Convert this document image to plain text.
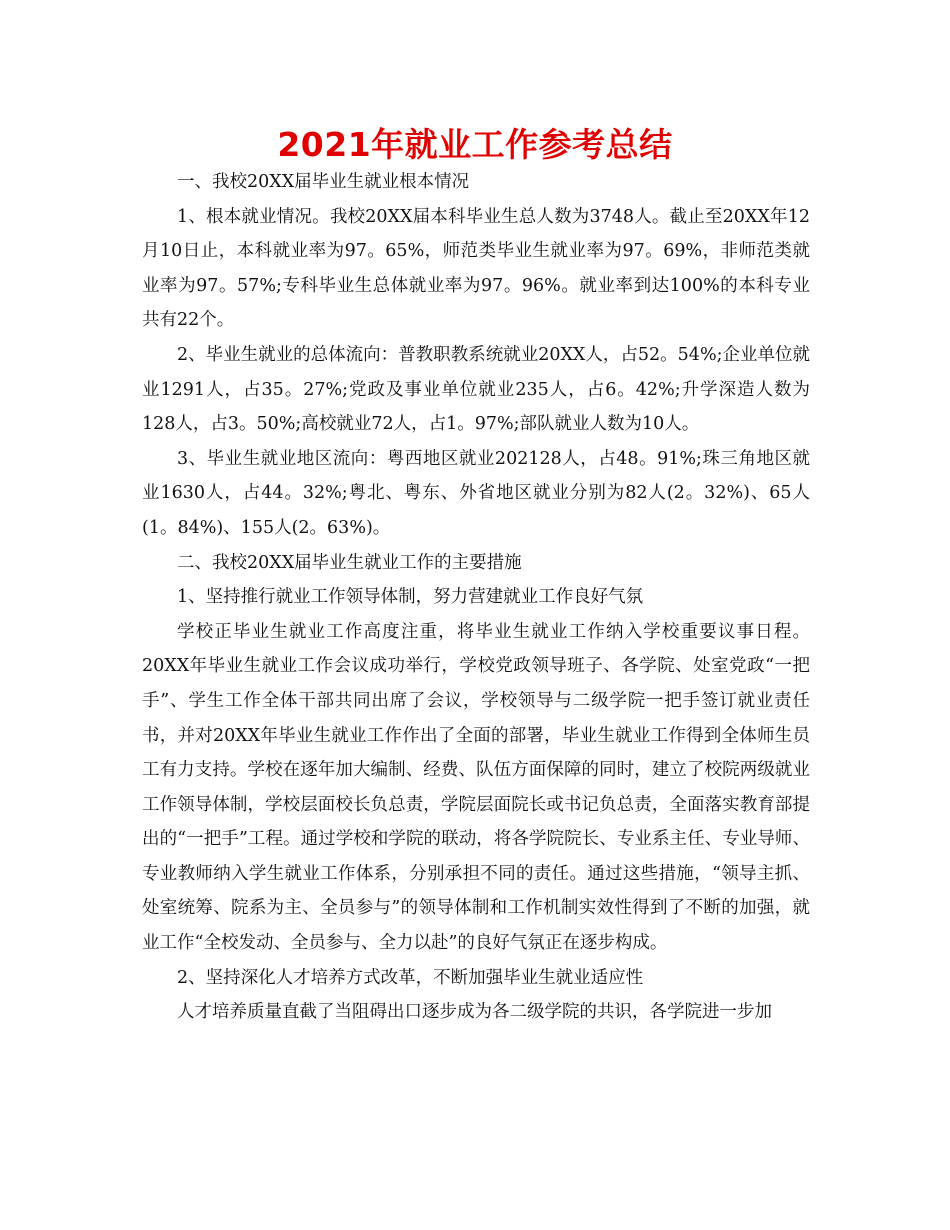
2021年就业工作参考总结

一、我校20XX届毕业生就业根本情况

1、根本就业情况。我校20XX届本科毕业生总人数为3748人。截止至20XX年12月10日止，本科就业率为97。65%，师范类毕业生就业率为97。69%，非师范类就业率为97。57%;专科毕业生总体就业率为97。96%。就业率到达100%的本科专业共有22个。

2、毕业生就业的总体流向：普教职教系统就业20XX人，占52。54%;企业单位就业1291人，占35。27%;党政及事业单位就业235人，占6。42%;升学深造人数为128人，占3。50%;高校就业72人，占1。97%;部队就业人数为10人。

3、毕业生就业地区流向：粤西地区就业202128人，占48。91%;珠三角地区就业1630人，占44。32%;粤北、粤东、外省地区就业分别为82人(2。32%)、65人(1。84%)、155人(2。63%)。

二、我校20XX届毕业生就业工作的主要措施

1、坚持推行就业工作领导体制，努力营建就业工作良好气氛

学校正毕业生就业工作高度注重，将毕业生就业工作纳入学校重要议事日程。20XX年毕业生就业工作会议成功举行，学校党政领导班子、各学院、处室党政“一把手”、学生工作全体干部共同出席了会议，学校领导与二级学院一把手签订就业责任书，并对20XX年毕业生就业工作作出了全面的部署，毕业生就业工作得到全体师生员工有力支持。学校在逐年加大编制、经费、队伍方面保障的同时，建立了校院两级就业工作领导体制，学校层面校长负总责，学院层面院长或书记负总责，全面落实教育部提出的“一把手”工程。通过学校和学院的联动，将各学院院长、专业系主任、专业导师、专业教师纳入学生就业工作体系，分别承担不同的责任。通过这些措施，“领导主抓、处室统筹、院系为主、全员参与”的领导体制和工作机制实效性得到了不断的加强，就业工作“全校发动、全员参与、全力以赴”的良好气氛正在逐步构成。

2、坚持深化人才培养方式改革，不断加强毕业生就业适应性

人才培养质量直截了当阻碍出口逐步成为各二级学院的共识，各学院进一步加
